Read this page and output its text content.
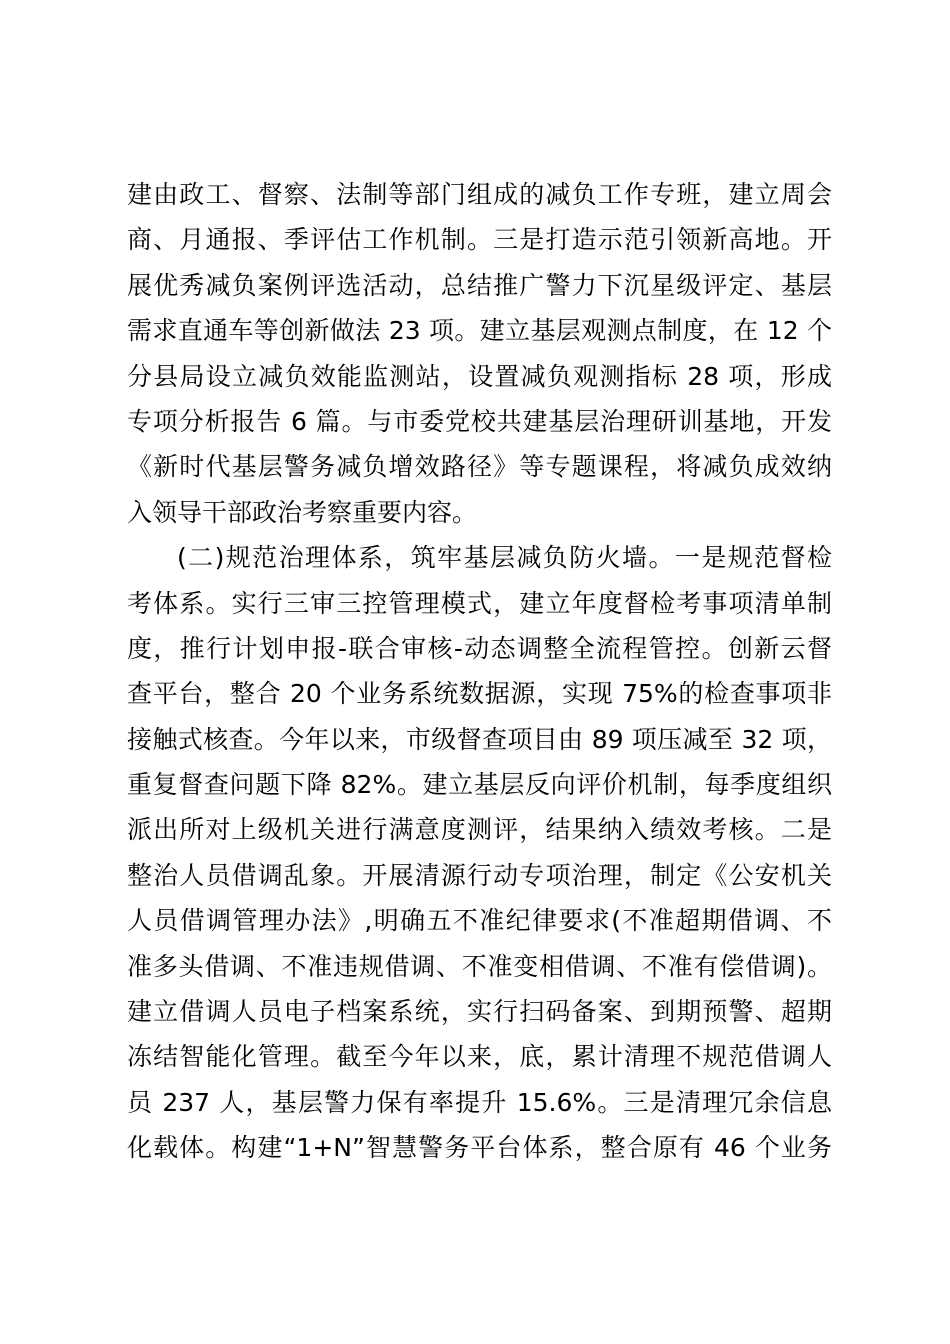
建由政工、督察、法制等部门组成的减负工作专班，建立周会
商、月通报、季评估工作机制。三是打造示范引领新高地。开
展优秀减负案例评选活动，总结推广警力下沉星级评定、基层
需求直通车等创新做法 23 项。建立基层观测点制度，在 12 个
分县局设立减负效能监测站，设置减负观测指标 28 项，形成
专项分析报告 6 篇。与市委党校共建基层治理研训基地，开发
《新时代基层警务减负增效路径》等专题课程，将减负成效纳
入领导干部政治考察重要内容。
(二)规范治理体系，筑牢基层减负防火墙。一是规范督检
考体系。实行三审三控管理模式，建立年度督检考事项清单制
度，推行计划申报-联合审核-动态调整全流程管控。创新云督
查平台，整合 20 个业务系统数据源，实现 75%的检查事项非
接触式核查。今年以来，市级督查项目由 89 项压减至 32 项，
重复督查问题下降 82%。建立基层反向评价机制，每季度组织
派出所对上级机关进行满意度测评，结果纳入绩效考核。二是
整治人员借调乱象。开展清源行动专项治理，制定《公安机关
人员借调管理办法》,明确五不准纪律要求(不准超期借调、不
准多头借调、不准违规借调、不准变相借调、不准有偿借调)。
建立借调人员电子档案系统，实行扫码备案、到期预警、超期
冻结智能化管理。截至今年以来，底，累计清理不规范借调人
员 237 人，基层警力保有率提升 15.6%。三是清理冗余信息
化载体。构建“1+N”智慧警务平台体系，整合原有 46 个业务
